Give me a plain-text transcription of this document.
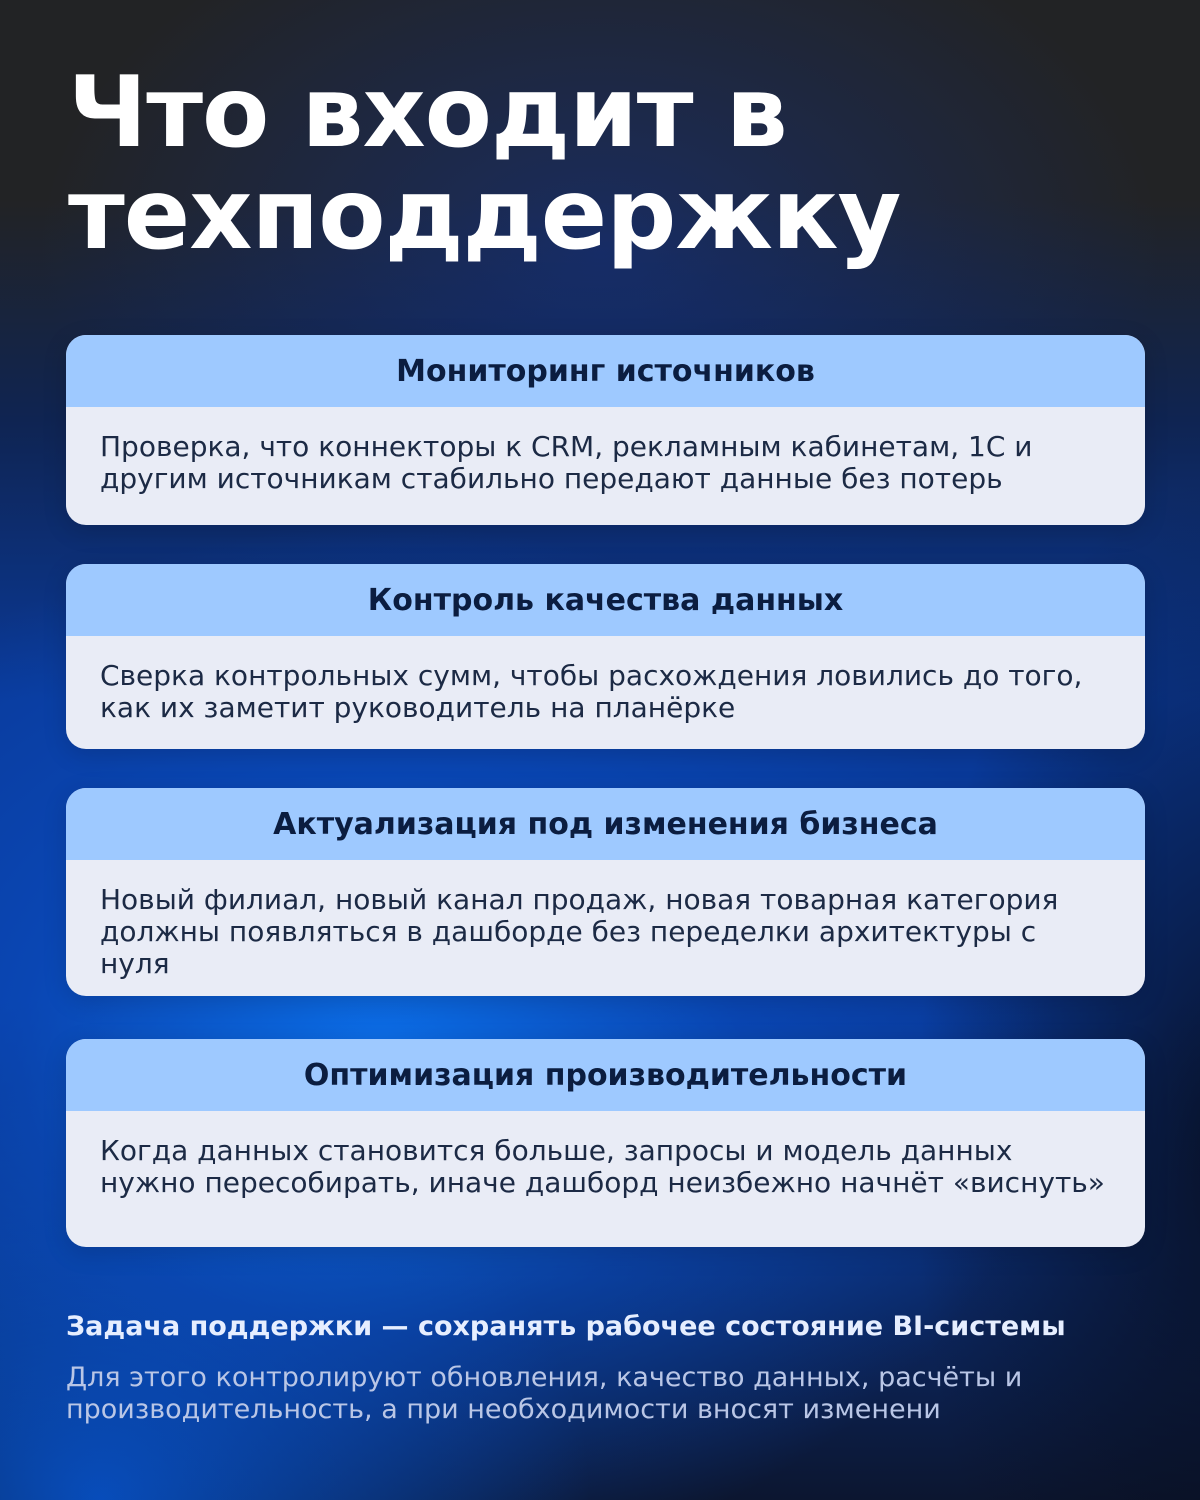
Что входит в
техподдержку
Мониторинг источников
Проверка, что коннекторы к CRM, рекламным кабинетам, 1С и другим источникам стабильно передают данные без потерь
Контроль качества данных
Сверка контрольных сумм, чтобы расхождения ловились до того, как их заметит руководитель на планёрке
Актуализация под изменения бизнеса
Новый филиал, новый канал продаж, новая товарная категория должны появляться в дашборде без переделки архитектуры с нуля
Оптимизация производительности
Когда данных становится больше, запросы и модель данных нужно пересобирать, иначе дашборд неизбежно начнёт «виснуть»

Задача поддержки — сохранять рабочее состояние BI-системы

Для этого контролируют обновления, качество данных, расчёты и производительность, а при необходимости вносят изменени
